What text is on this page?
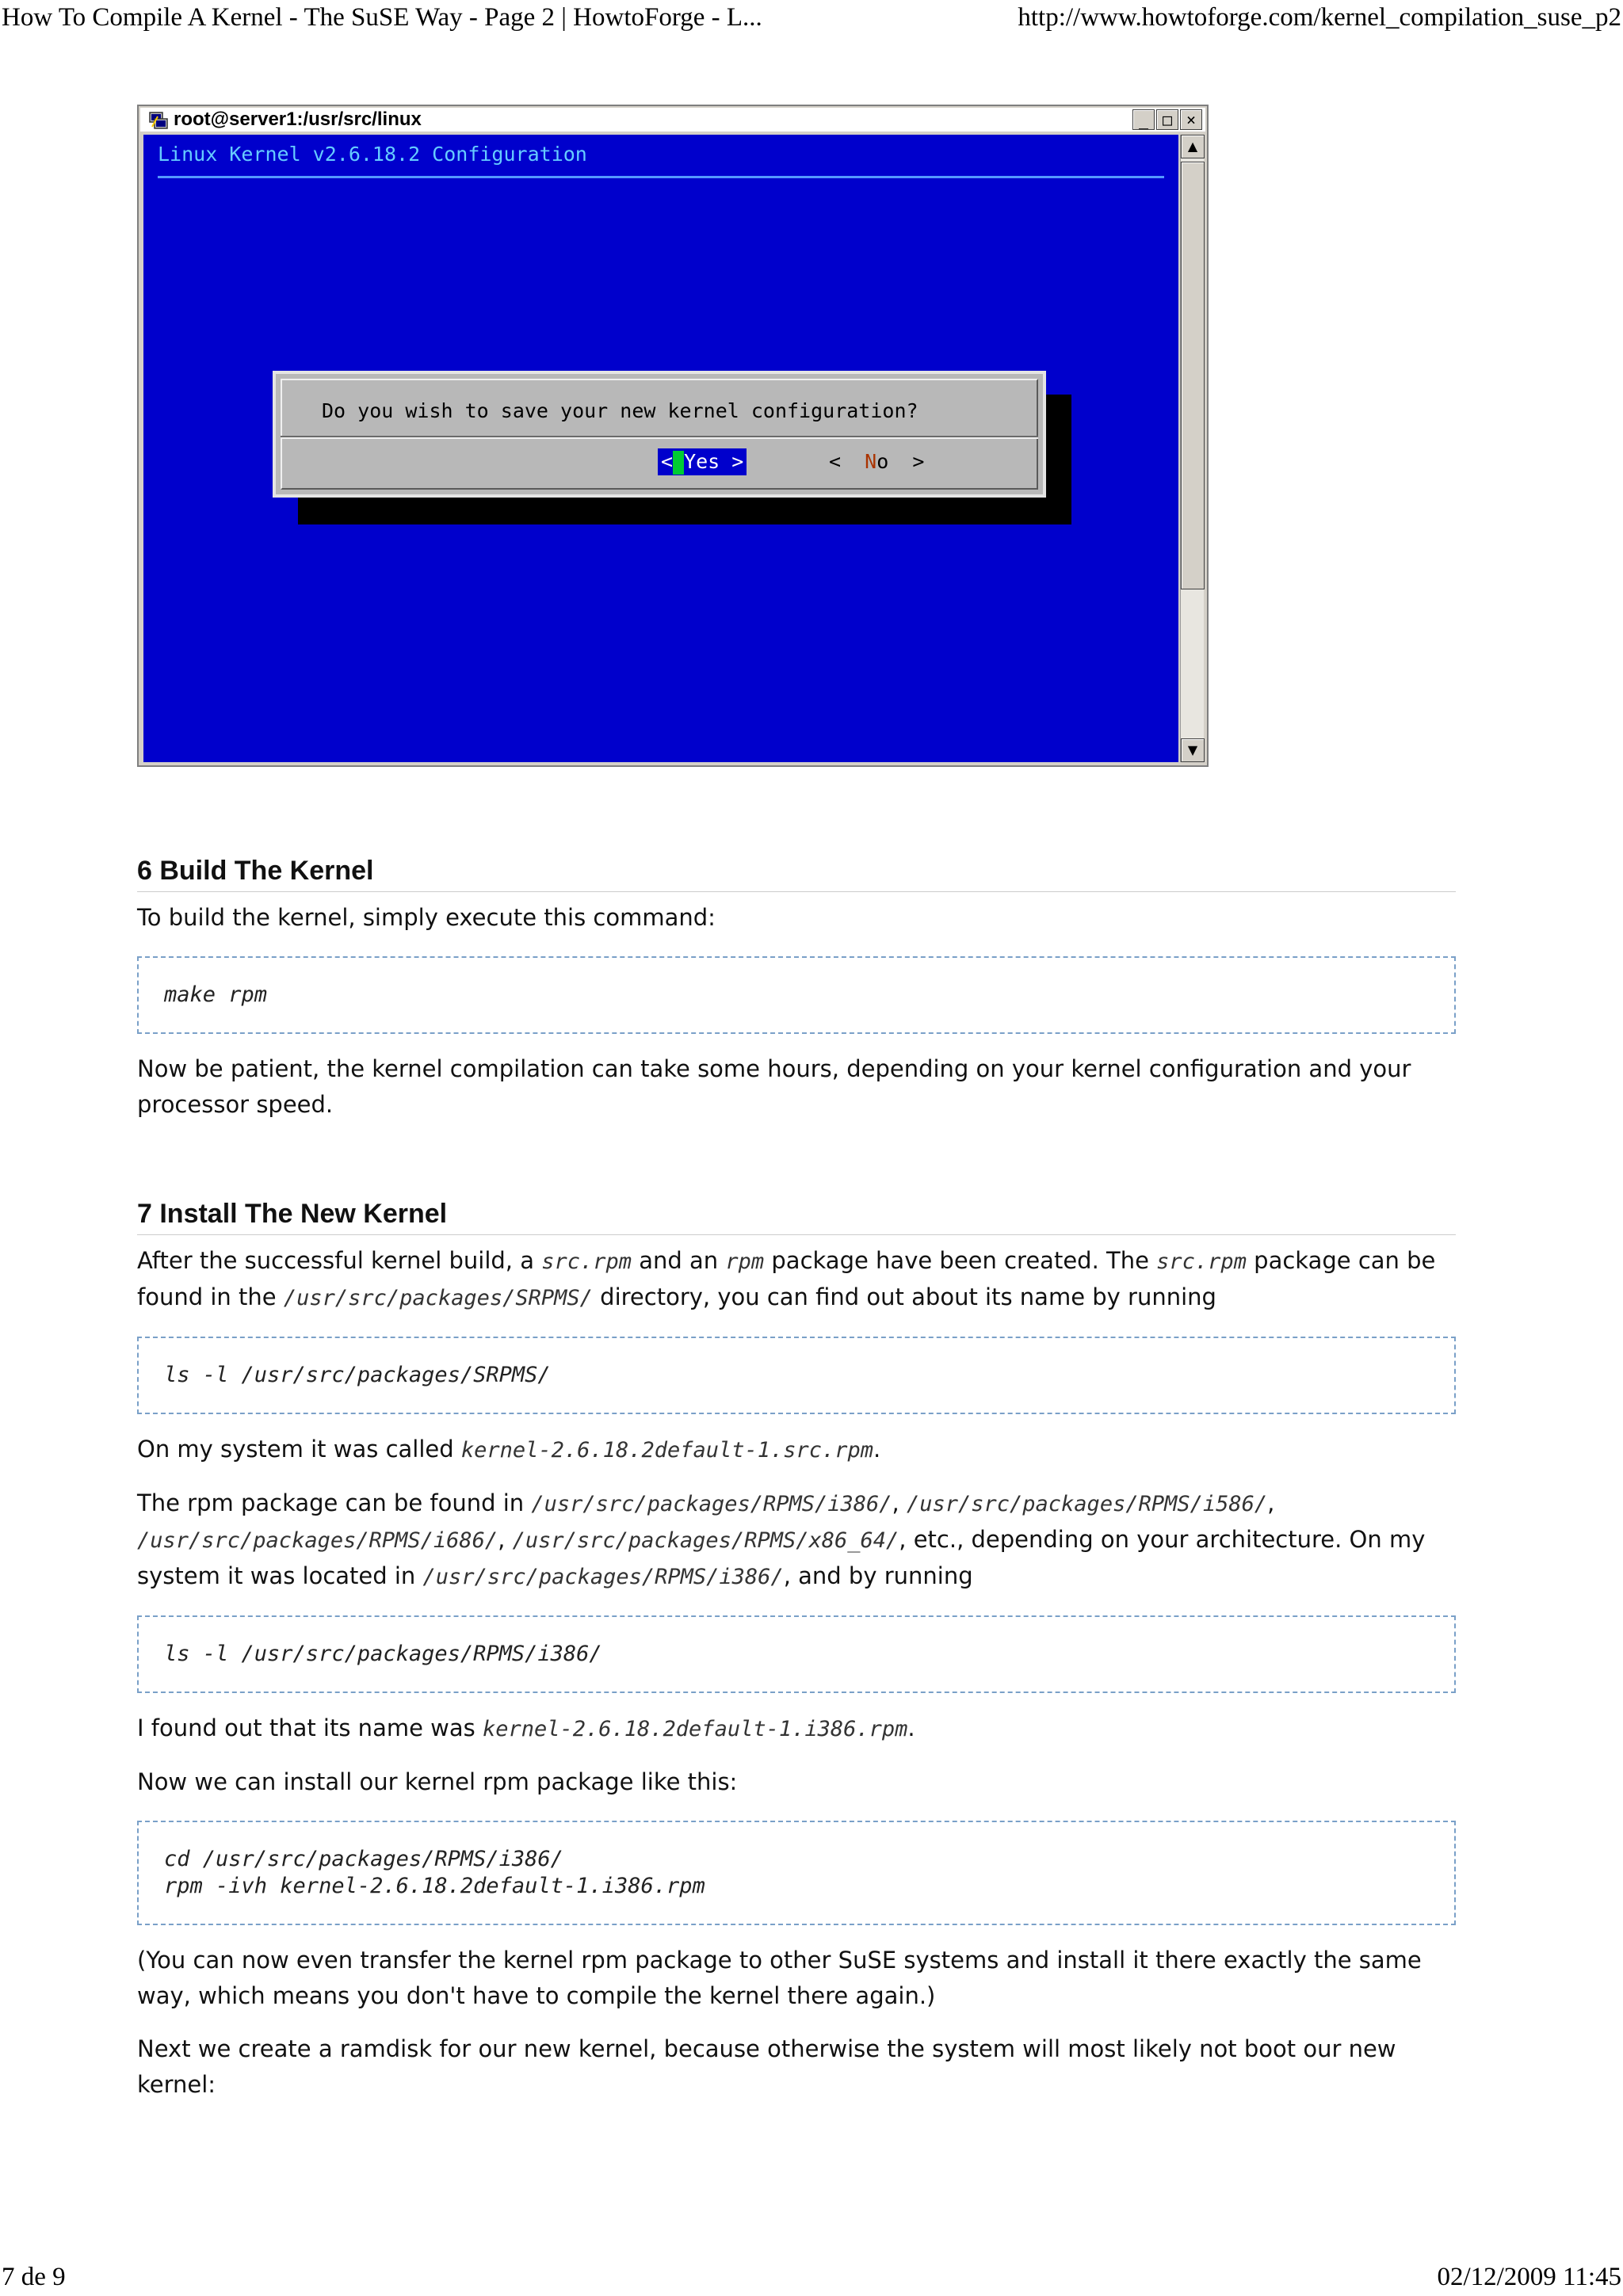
How To Compile A Kernel - The SuSE Way - Page 2 | HowtoForge - L...	http://www.howtoforge.com/kernel_compilation_suse_p2
root@server1:/usr/src/linux	_ □ ×
Linux Kernel v2.6.18.2 Configuration
Do you wish to save your new kernel configuration?
< Yes >	<  No  >
▲
▼
6 Build The Kernel

To build the kernel, simply execute this command:

make rpm

Now be patient, the kernel compilation can take some hours, depending on your kernel configuration and your processor speed.

7 Install The New Kernel

After the successful kernel build, a src.rpm and an rpm package have been created. The src.rpm package can be found in the /usr/src/packages/SRPMS/ directory, you can find out about its name by running

ls -l /usr/src/packages/SRPMS/

On my system it was called kernel-2.6.18.2default-1.src.rpm.

The rpm package can be found in /usr/src/packages/RPMS/i386/, /usr/src/packages/RPMS/i586/, /usr/src/packages/RPMS/i686/, /usr/src/packages/RPMS/x86_64/, etc., depending on your architecture. On my system it was located in /usr/src/packages/RPMS/i386/, and by running

ls -l /usr/src/packages/RPMS/i386/

I found out that its name was kernel-2.6.18.2default-1.i386.rpm.

Now we can install our kernel rpm package like this:

cd /usr/src/packages/RPMS/i386/
rpm -ivh kernel-2.6.18.2default-1.i386.rpm

(You can now even transfer the kernel rpm package to other SuSE systems and install it there exactly the same way, which means you don't have to compile the kernel there again.)

Next we create a ramdisk for our new kernel, because otherwise the system will most likely not boot our new kernel:

7 de 9	02/12/2009 11:45
